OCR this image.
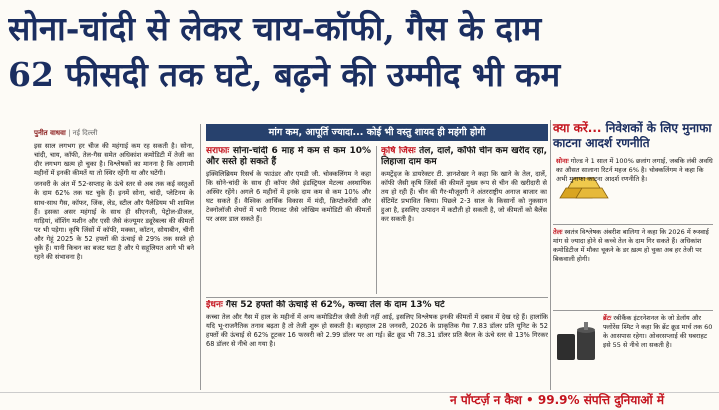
सोना-चांदी से लेकर चाय-कॉफी, गैस के दाम
62 फीसदी तक घटे, बढ़ने की उम्मीद भी कम
पुनीत वाधवा | नई दिल्ली
इस साल लगभग हर चीज की महंगाई कम रह सकती है। सोना, चांदी, चाय, कॉफी, तेल-गैस समेत अधिकांश कमोडिटी में तेजी का दौर लगभग खत्म हो चुका है। विश्लेषकों का मानना है कि आगामी महीनों में इनकी कीमतें या तो स्थिर रहेंगी या और घटेंगी।
जनवरी के अंत में 52-सप्ताह के ऊंचे स्तर से अब तक कई वस्तुओं के दाम 62% तक घट चुके हैं। इनमें सोना, चांदी, प्लेटिनम के साथ-साथ गैस, कॉफर, जिंक, लेड, स्टील और पैलेडियम भी शामिल हैं। इसका असर महंगाई के साथ ही सीएनजी, पेट्रोल-डीजल, गाड़ियां, वॉशिंग मशीन और एसी जैसे कंज्यूमर ड्यूरेबल्स की कीमतों पर भी पड़ेगा। कृषि जिंसों में कॉफी, मक्का, कॉटन, सोयाबीन, चीनी और गेहूं 2025 के 52 हफ्तों की ऊंचाई से 29% तक सस्ते हो चुके हैं। यानी किचन का बजट घटा है और ये सहूलियत आगे भी बने रहने की संभावना है।
मांग कम, आपूर्ति ज्यादा... कोई भी वस्तु शायद ही महंगी होगी
सराफाः सोना-चांदी 6 माह में कम से कम 10% और सस्ते हो सकते हैं
इक्विलिब्रियम रिसर्च के फाउंडर और एमडी जी. चोक्कलिंगम ने कहा कि सोने-चांदी के साथ ही कॉपर जैसे इंडस्ट्रियल मेटल्स अस्थायिक अस्थिर रहेंगे। अगले 6 महीनों में इनके दाम कम से कम 10% और घट सकते हैं। वैश्विक आर्थिक विकास में मंदी, क्रिप्टोकरेंसी और टेक्नोलॉजी शेयरों में भारी गिरावट जैसे जोखिम कमोडिटी की कीमतों पर असर डाल सकते हैं।
कृषि जिंसः तेल, दालें, कॉफी चीन कम खरीद रहा, लिहाजा दाम कम
कमट्रेंड्ज के डायरेक्टर टी. ज्ञानशेखर ने कहा कि खाने के तेल, दालें, कॉफी जैसी कृषि जिंसों की कीमतें मुख्य रूप से चीन की खरीदारी से तय हो रही हैं। चीन की गैर-मौजूदगी ने अंतरराष्ट्रीय अनाज बाजार का सेंटिमेंट प्रभावित किया। पिछले 2-3 साल के किसानों को नुकसान हुआ है, इसलिए उत्पादन में कटौती हो सकती है, जो कीमतों को बैलेंस कर सकती है।
ईंधनः गैस 52 हफ्तों की ऊंचाई से 62%, कच्चा तेल के दाम 13% घटे
कच्चा तेल और गैस में हाल के महीनों में अन्य कमोडिटीज जैसी तेजी नहीं आई, इसलिए विश्लेषक इनकी कीमतों में दबाव में देख रहे हैं। हालांकि यदि भू-राजनैतिक तनाव बढ़ता है तो तेजी शुरू हो सकती है। बहरहाल 28 जनवरी, 2026 के प्राकृतिक गैस 7.83 डॉलर प्रति यूनिट के 52 हफ्तों की ऊंचाई से 62% टूटकर 16 फरवरी को 2.99 डॉलर पर आ गई। ब्रेंट क्रूड भी 78.31 डॉलर प्रति बैरल के ऊंचे स्तर से 13% गिरकर 68 डॉलर से नीचे आ गया है।
क्या करें... निवेशकों के लिए मुनाफा काटना आदर्श रणनीति
सोनाः गोल्ड ने 1 साल में 100% छलांग लगाई, जबकि लंबी अवधि का औसत सालाना रिटर्न महज 6% है। चोक्कलिंगम ने कहा कि अभी मुनाफा काटना आदर्श रणनीति है।
तेलः स्वतंत्र विश्लेषक अंबरीश बालिगा ने कहा कि 2026 में रूस्वाई मांग से ज्यादा होने से कच्चे तेल के दाम गिर सकते हैं। अधिकांश कमोडिटीज में मौका चूकने के डर ख़त्म हो चुका अब हर तेजी पर बिकवाली होगी।
ब्रेंटः रबीकैंक इंटरनेशनल के जो डेलॉय और फ्लोरेंस श्मिट ने कहा कि ब्रेंट क्रूड मार्च तक 60 के आसपास रहेगा। ओवरसप्लाई की घबराहट इसे 55 से नीचे ला सकती है।
न पॉप्टर्ज़ न कैश • 99.9% संपत्ति दुनियाओं में
